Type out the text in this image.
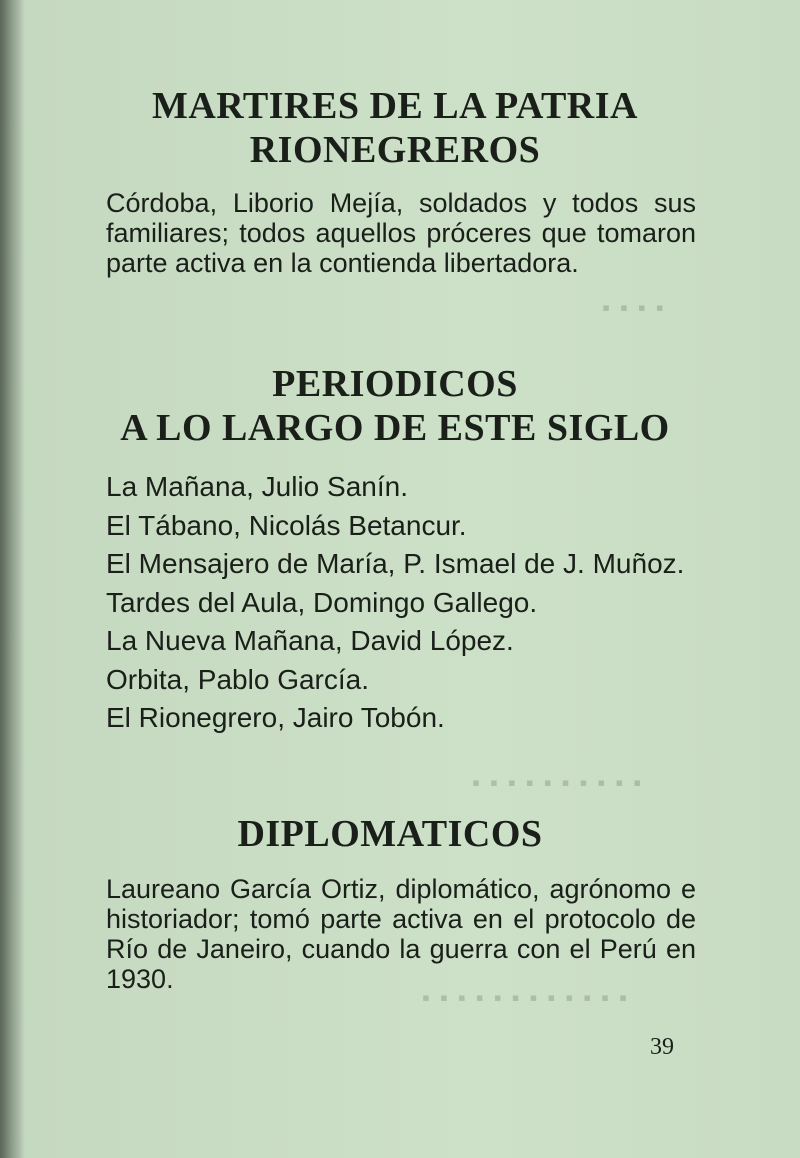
▪ ▪ ▪ ▪
▪ ▪ ▪ ▪ ▪ ▪ ▪ ▪ ▪ ▪
▪ ▪ ▪ ▪ ▪ ▪ ▪ ▪ ▪ ▪ ▪ ▪
MARTIRES DE LA PATRIA
RIONEGREROS

Córdoba, Liborio Mejía, soldados y todos sus familiares; todos aquellos próceres que tomaron parte activa en la contienda libertadora.

PERIODICOS
A LO LARGO DE ESTE SIGLO
La Mañana, Julio Sanín.
El Tábano, Nicolás Betancur.
El Mensajero de María, P. Ismael de J. Muñoz.
Tardes del Aula, Domingo Gallego.
La Nueva Mañana, David López.
Orbita, Pablo García.
El Rionegrero, Jairo Tobón.
DIPLOMATICOS

Laureano García Ortiz, diplomático, agrónomo e historiador; tomó parte activa en el protocolo de Río de Janeiro, cuando la guerra con el Perú en 1930.

39
